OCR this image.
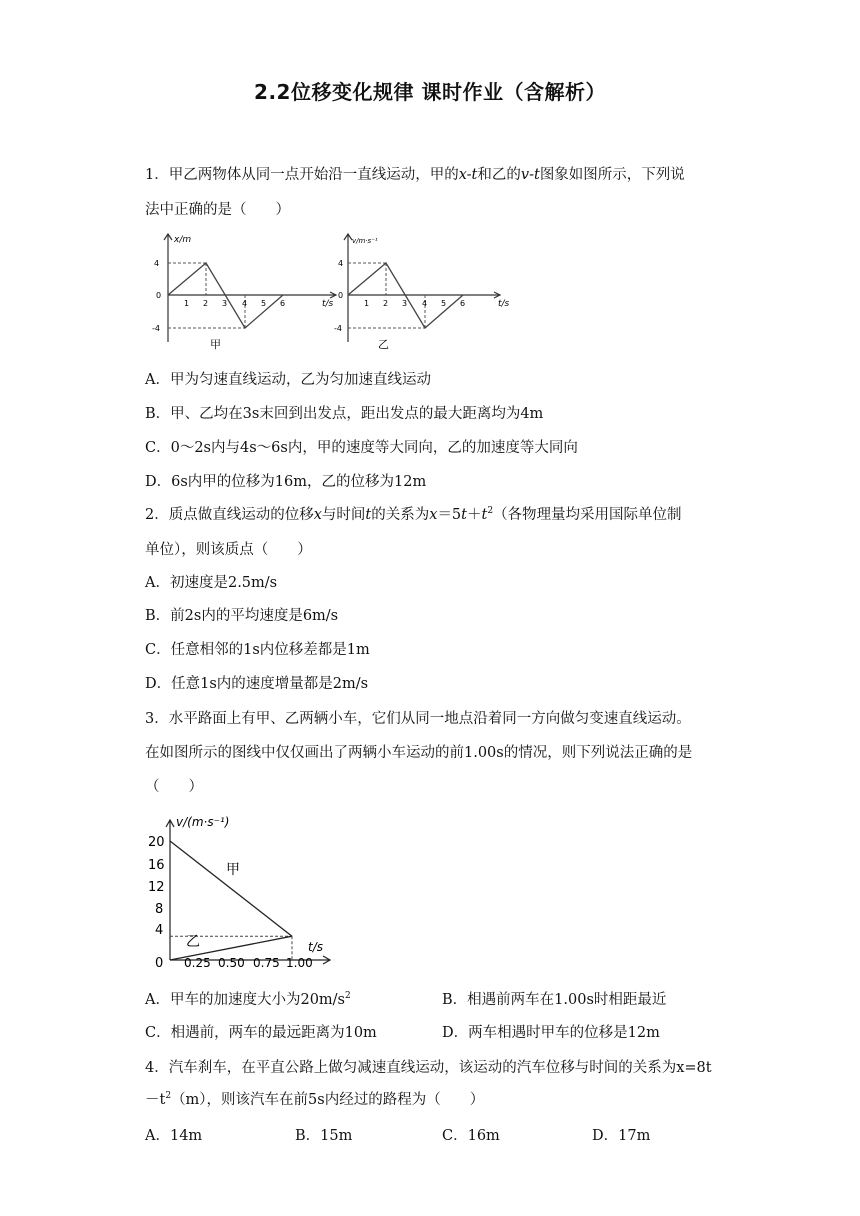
2.2位移变化规律 课时作业（含解析）
1．甲乙两物体从同一点开始沿一直线运动，甲的x-t和乙的v-t图象如图所示，下列说
法中正确的是（　　）
x/m
t/s
4
0
-4
1 2 3 4 5 6
甲
v/m·s⁻¹
t/s
4
0
-4
1 2 3 4 5 6
乙
A．甲为匀速直线运动，乙为匀加速直线运动
B．甲、乙均在3s末回到出发点，距出发点的最大距离均为4m
C．0～2s内与4s～6s内，甲的速度等大同向，乙的加速度等大同向
D．6s内甲的位移为16m，乙的位移为12m
2．质点做直线运动的位移x与时间t的关系为$x=5t+t^2$（各物理量均采用国际单位制
单位），则该质点（　　）
A．初速度是2.5m/s
B．前2s内的平均速度是6m/s
C．任意相邻的1s内位移差都是1m
D．任意1s内的速度增量都是2m/s
3．水平路面上有甲、乙两辆小车，它们从同一地点沿着同一方向做匀变速直线运动。
在如图所示的图线中仅仅画出了两辆小车运动的前1.00s的情况，则下列说法正确的是
（　　）
v/(m·s⁻¹)
t/s
20
16
12
8
4
0 0.25 0.50 0.75 1.00
甲
乙
A．甲车的加速度大小为$20m/s^2$	B．相遇前两车在1.00s时相距最近
C．相遇前，两车的最远距离为10m	D．两车相遇时甲车的位移是12m
4．汽车刹车，在平直公路上做匀减速直线运动，该运动的汽车位移与时间的关系为x=8t
$-t^2(m)$，则该汽车在前5s内经过的路程为（　　）
A．14m	B．15m	C．16m	D．17m
